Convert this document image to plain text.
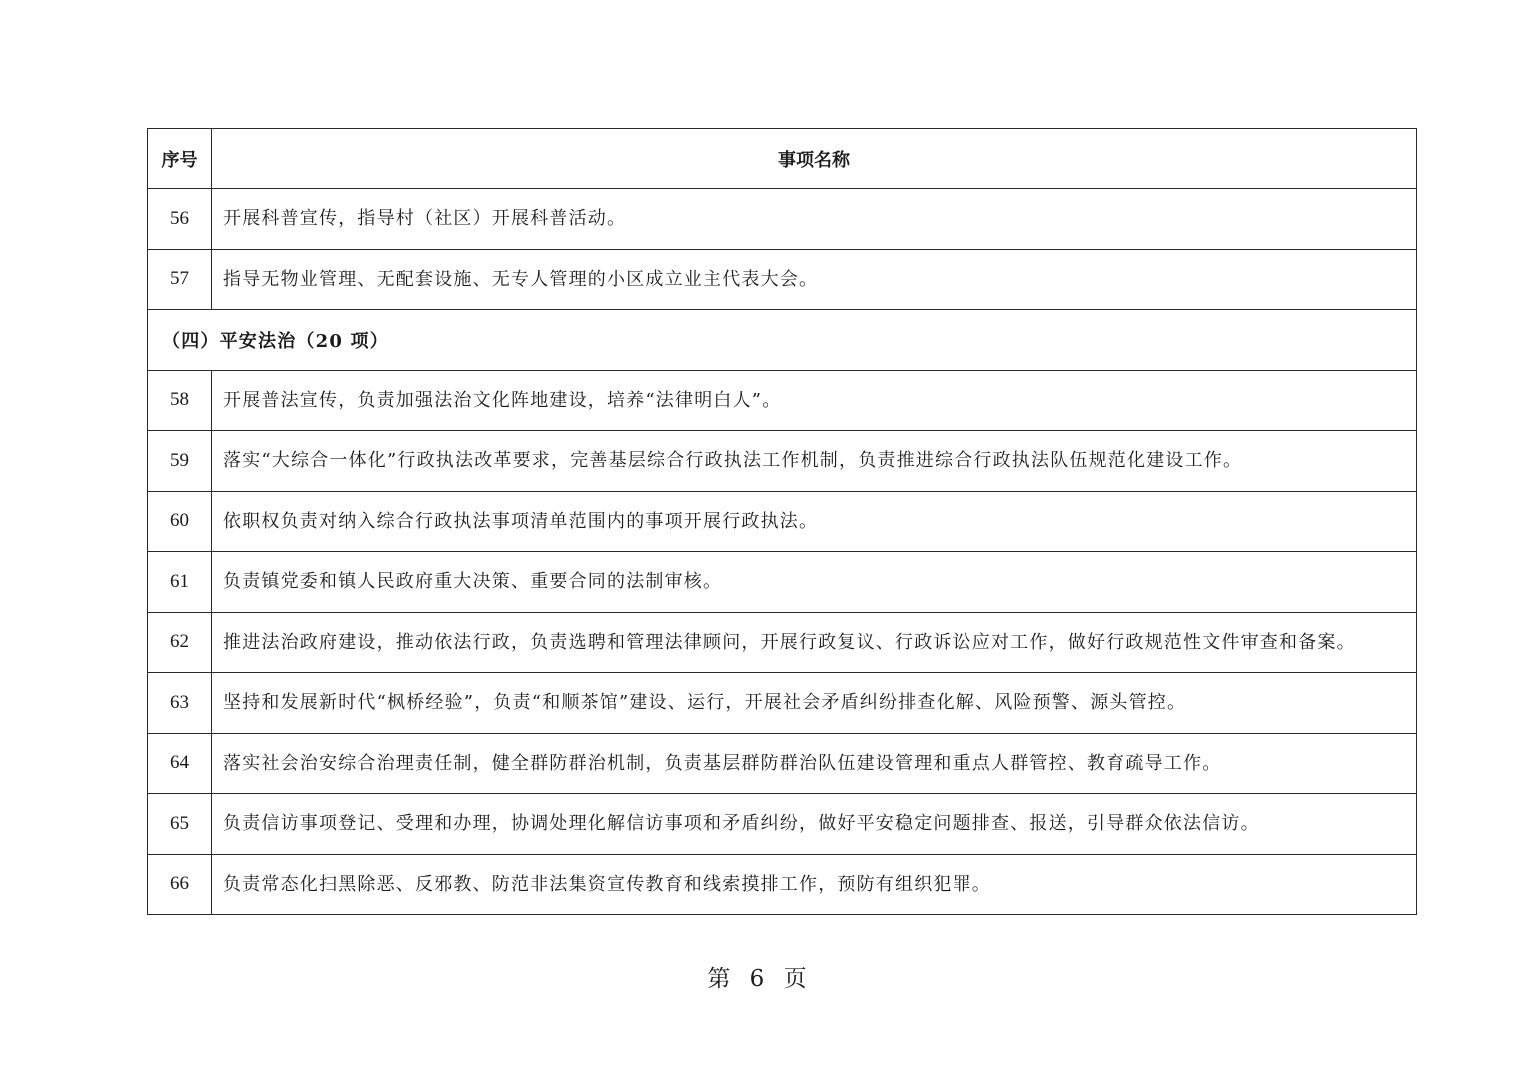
序号	事项名称
56	开展科普宣传，指导村（社区）开展科普活动。
57	指导无物业管理、无配套设施、无专人管理的小区成立业主代表大会。
（四）平安法治（20 项）	
58	开展普法宣传，负责加强法治文化阵地建设，培养“法律明白人”。
59	落实“大综合一体化”行政执法改革要求，完善基层综合行政执法工作机制，负责推进综合行政执法队伍规范化建设工作。
60	依职权负责对纳入综合行政执法事项清单范围内的事项开展行政执法。
61	负责镇党委和镇人民政府重大决策、重要合同的法制审核。
62	推进法治政府建设，推动依法行政，负责选聘和管理法律顾问，开展行政复议、行政诉讼应对工作，做好行政规范性文件审查和备案。
63	坚持和发展新时代“枫桥经验”，负责“和顺茶馆”建设、运行，开展社会矛盾纠纷排查化解、风险预警、源头管控。
64	落实社会治安综合治理责任制，健全群防群治机制，负责基层群防群治队伍建设管理和重点人群管控、教育疏导工作。
65	负责信访事项登记、受理和办理，协调处理化解信访事项和矛盾纠纷，做好平安稳定问题排查、报送，引导群众依法信访。
66	负责常态化扫黑除恶、反邪教、防范非法集资宣传教育和线索摸排工作，预防有组织犯罪。
第 6 页
